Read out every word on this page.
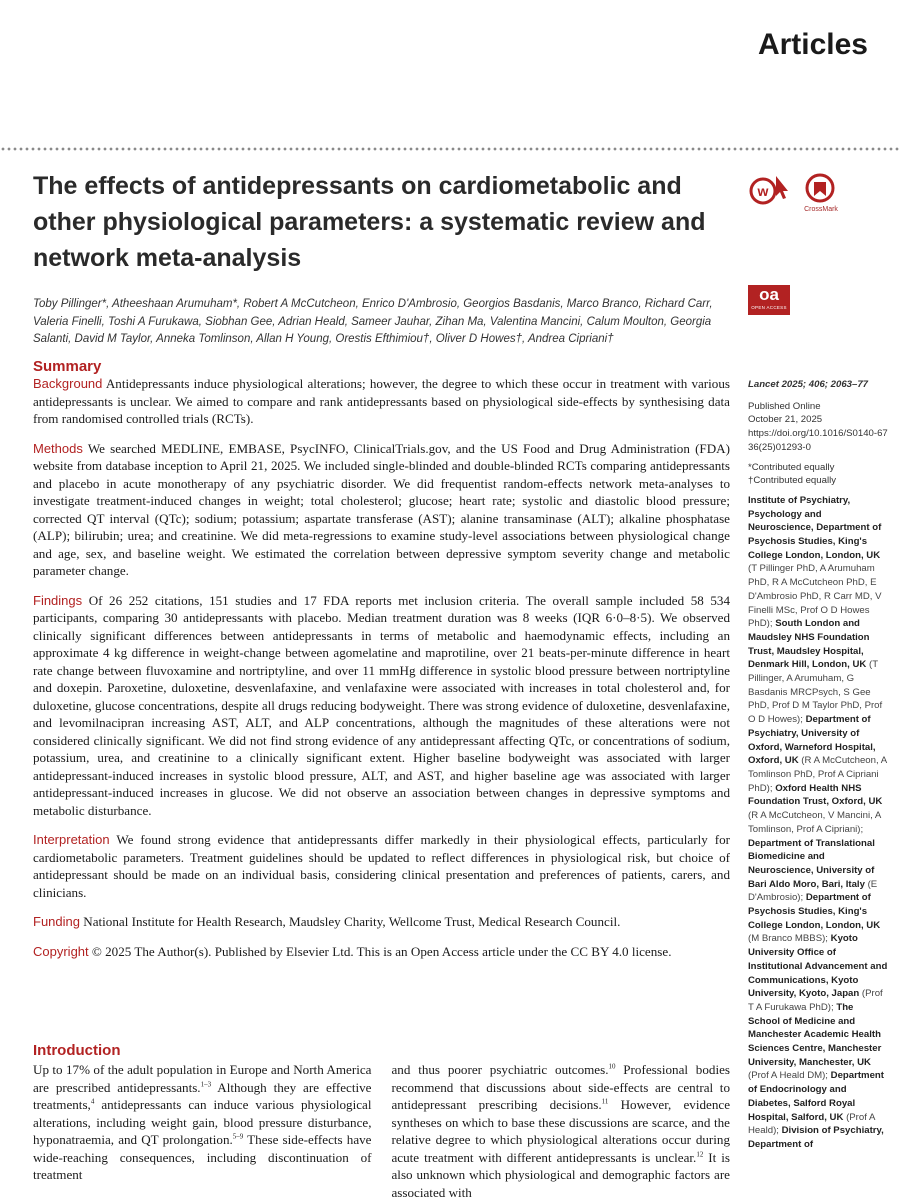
Articles
The effects of antidepressants on cardiometabolic and other physiological parameters: a systematic review and network meta-analysis
w
CrossMark
oa
OPEN ACCESS
Toby Pillinger*, Atheeshaan Arumuham*, Robert A McCutcheon, Enrico D'Ambrosio, Georgios Basdanis, Marco Branco, Richard Carr, Valeria Finelli, Toshi A Furukawa, Siobhan Gee, Adrian Heald, Sameer Jauhar, Zihan Ma, Valentina Mancini, Calum Moulton, Georgia Salanti, David M Taylor, Anneka Tomlinson, Allan H Young, Orestis Efthimiou†, Oliver D Howes†, Andrea Cipriani†
Summary

Background Antidepressants induce physiological alterations; however, the degree to which these occur in treatment with various antidepressants is unclear. We aimed to compare and rank antidepressants based on physiological side-effects by synthesising data from randomised controlled trials (RCTs).

Methods We searched MEDLINE, EMBASE, PsycINFO, ClinicalTrials.gov, and the US Food and Drug Administration (FDA) website from database inception to April 21, 2025. We included single-blinded and double-blinded RCTs comparing antidepressants and placebo in acute monotherapy of any psychiatric disorder. We did frequentist random-effects network meta-analyses to investigate treatment-induced changes in weight; total cholesterol; glucose; heart rate; systolic and diastolic blood pressure; corrected QT interval (QTc); sodium; potassium; aspartate transferase (AST); alanine transaminase (ALT); alkaline phosphatase (ALP); bilirubin; urea; and creatinine. We did meta-regressions to examine study-level associations between physiological change and age, sex, and baseline weight. We estimated the correlation between depressive symptom severity change and metabolic parameter change.

Findings Of 26 252 citations, 151 studies and 17 FDA reports met inclusion criteria. The overall sample included 58 534 participants, comparing 30 antidepressants with placebo. Median treatment duration was 8 weeks (IQR 6·0–8·5). We observed clinically significant differences between antidepressants in terms of metabolic and haemodynamic effects, including an approximate 4 kg difference in weight-change between agomelatine and maprotiline, over 21 beats-per-minute difference in heart rate change between fluvoxamine and nortriptyline, and over 11 mmHg difference in systolic blood pressure between nortriptyline and doxepin. Paroxetine, duloxetine, desvenlafaxine, and venlafaxine were associated with increases in total cholesterol and, for duloxetine, glucose concentrations, despite all drugs reducing bodyweight. There was strong evidence of duloxetine, desvenlafaxine, and levomilnacipran increasing AST, ALT, and ALP concentrations, although the magnitudes of these alterations were not considered clinically significant. We did not find strong evidence of any antidepressant affecting QTc, or concentrations of sodium, potassium, urea, and creatinine to a clinically significant extent. Higher baseline bodyweight was associated with larger antidepressant-induced increases in systolic blood pressure, ALT, and AST, and higher baseline age was associated with larger antidepressant-induced increases in glucose. We did not observe an association between changes in depressive symptoms and metabolic disturbance.

Interpretation We found strong evidence that antidepressants differ markedly in their physiological effects, particularly for cardiometabolic parameters. Treatment guidelines should be updated to reflect differences in physiological risk, but choice of antidepressant should be made on an individual basis, considering clinical presentation and preferences of patients, carers, and clinicians.

Funding National Institute for Health Research, Maudsley Charity, Wellcome Trust, Medical Research Council.

Copyright © 2025 The Author(s). Published by Elsevier Ltd. This is an Open Access article under the CC BY 4.0 license.

Introduction

Up to 17% of the adult population in Europe and North America are prescribed antidepressants.$^{1-3}$ Although they are effective treatments,$^4$ antidepressants can induce various physiological alterations, including weight gain, blood pressure disturbance, hyponatraemia, and QT prolongation.$^{5-9}$ These side-effects have wide-reaching consequences, including discontinuation of treatment

and thus poorer psychiatric outcomes.$^{10}$ Professional bodies recommend that discussions about side-effects are central to antidepressant prescribing decisions.$^{11}$ However, evidence syntheses on which to base these discussions are scarce, and the relative degree to which physiological alterations occur during acute treatment with different antidepressants is unclear.$^{12}$ It is also unknown which physiological and demographic factors are associated with

Lancet 2025; 406; 2063–77
Published Online
October 21, 2025
https://doi.org/10.1016/S0140-6736(25)01293-0
*Contributed equally
†Contributed equally
Institute of Psychiatry, Psychology and Neuroscience, Department of Psychosis Studies, King's College London, London, UK (T Pillinger PhD, A Arumuham PhD, R A McCutcheon PhD, E D'Ambrosio PhD, R Carr MD, V Finelli MSc, Prof O D Howes PhD); South London and Maudsley NHS Foundation Trust, Maudsley Hospital, Denmark Hill, London, UK (T Pillinger, A Arumuham, G Basdanis MRCPsych, S Gee PhD, Prof D M Taylor PhD, Prof O D Howes); Department of Psychiatry, University of Oxford, Warneford Hospital, Oxford, UK (R A McCutcheon, A Tomlinson PhD, Prof A Cipriani PhD); Oxford Health NHS Foundation Trust, Oxford, UK (R A McCutcheon, V Mancini, A Tomlinson, Prof A Cipriani); Department of Translational Biomedicine and Neuroscience, University of Bari Aldo Moro, Bari, Italy (E D'Ambrosio); Department of Psychosis Studies, King's College London, London, UK (M Branco MBBS); Kyoto University Office of Institutional Advancement and Communications, Kyoto University, Kyoto, Japan (Prof T A Furukawa PhD); The School of Medicine and Manchester Academic Health Sciences Centre, Manchester University, Manchester, UK (Prof A Heald DM); Department of Endocrinology and Diabetes, Salford Royal Hospital, Salford, UK (Prof A Heald); Division of Psychiatry, Department of
